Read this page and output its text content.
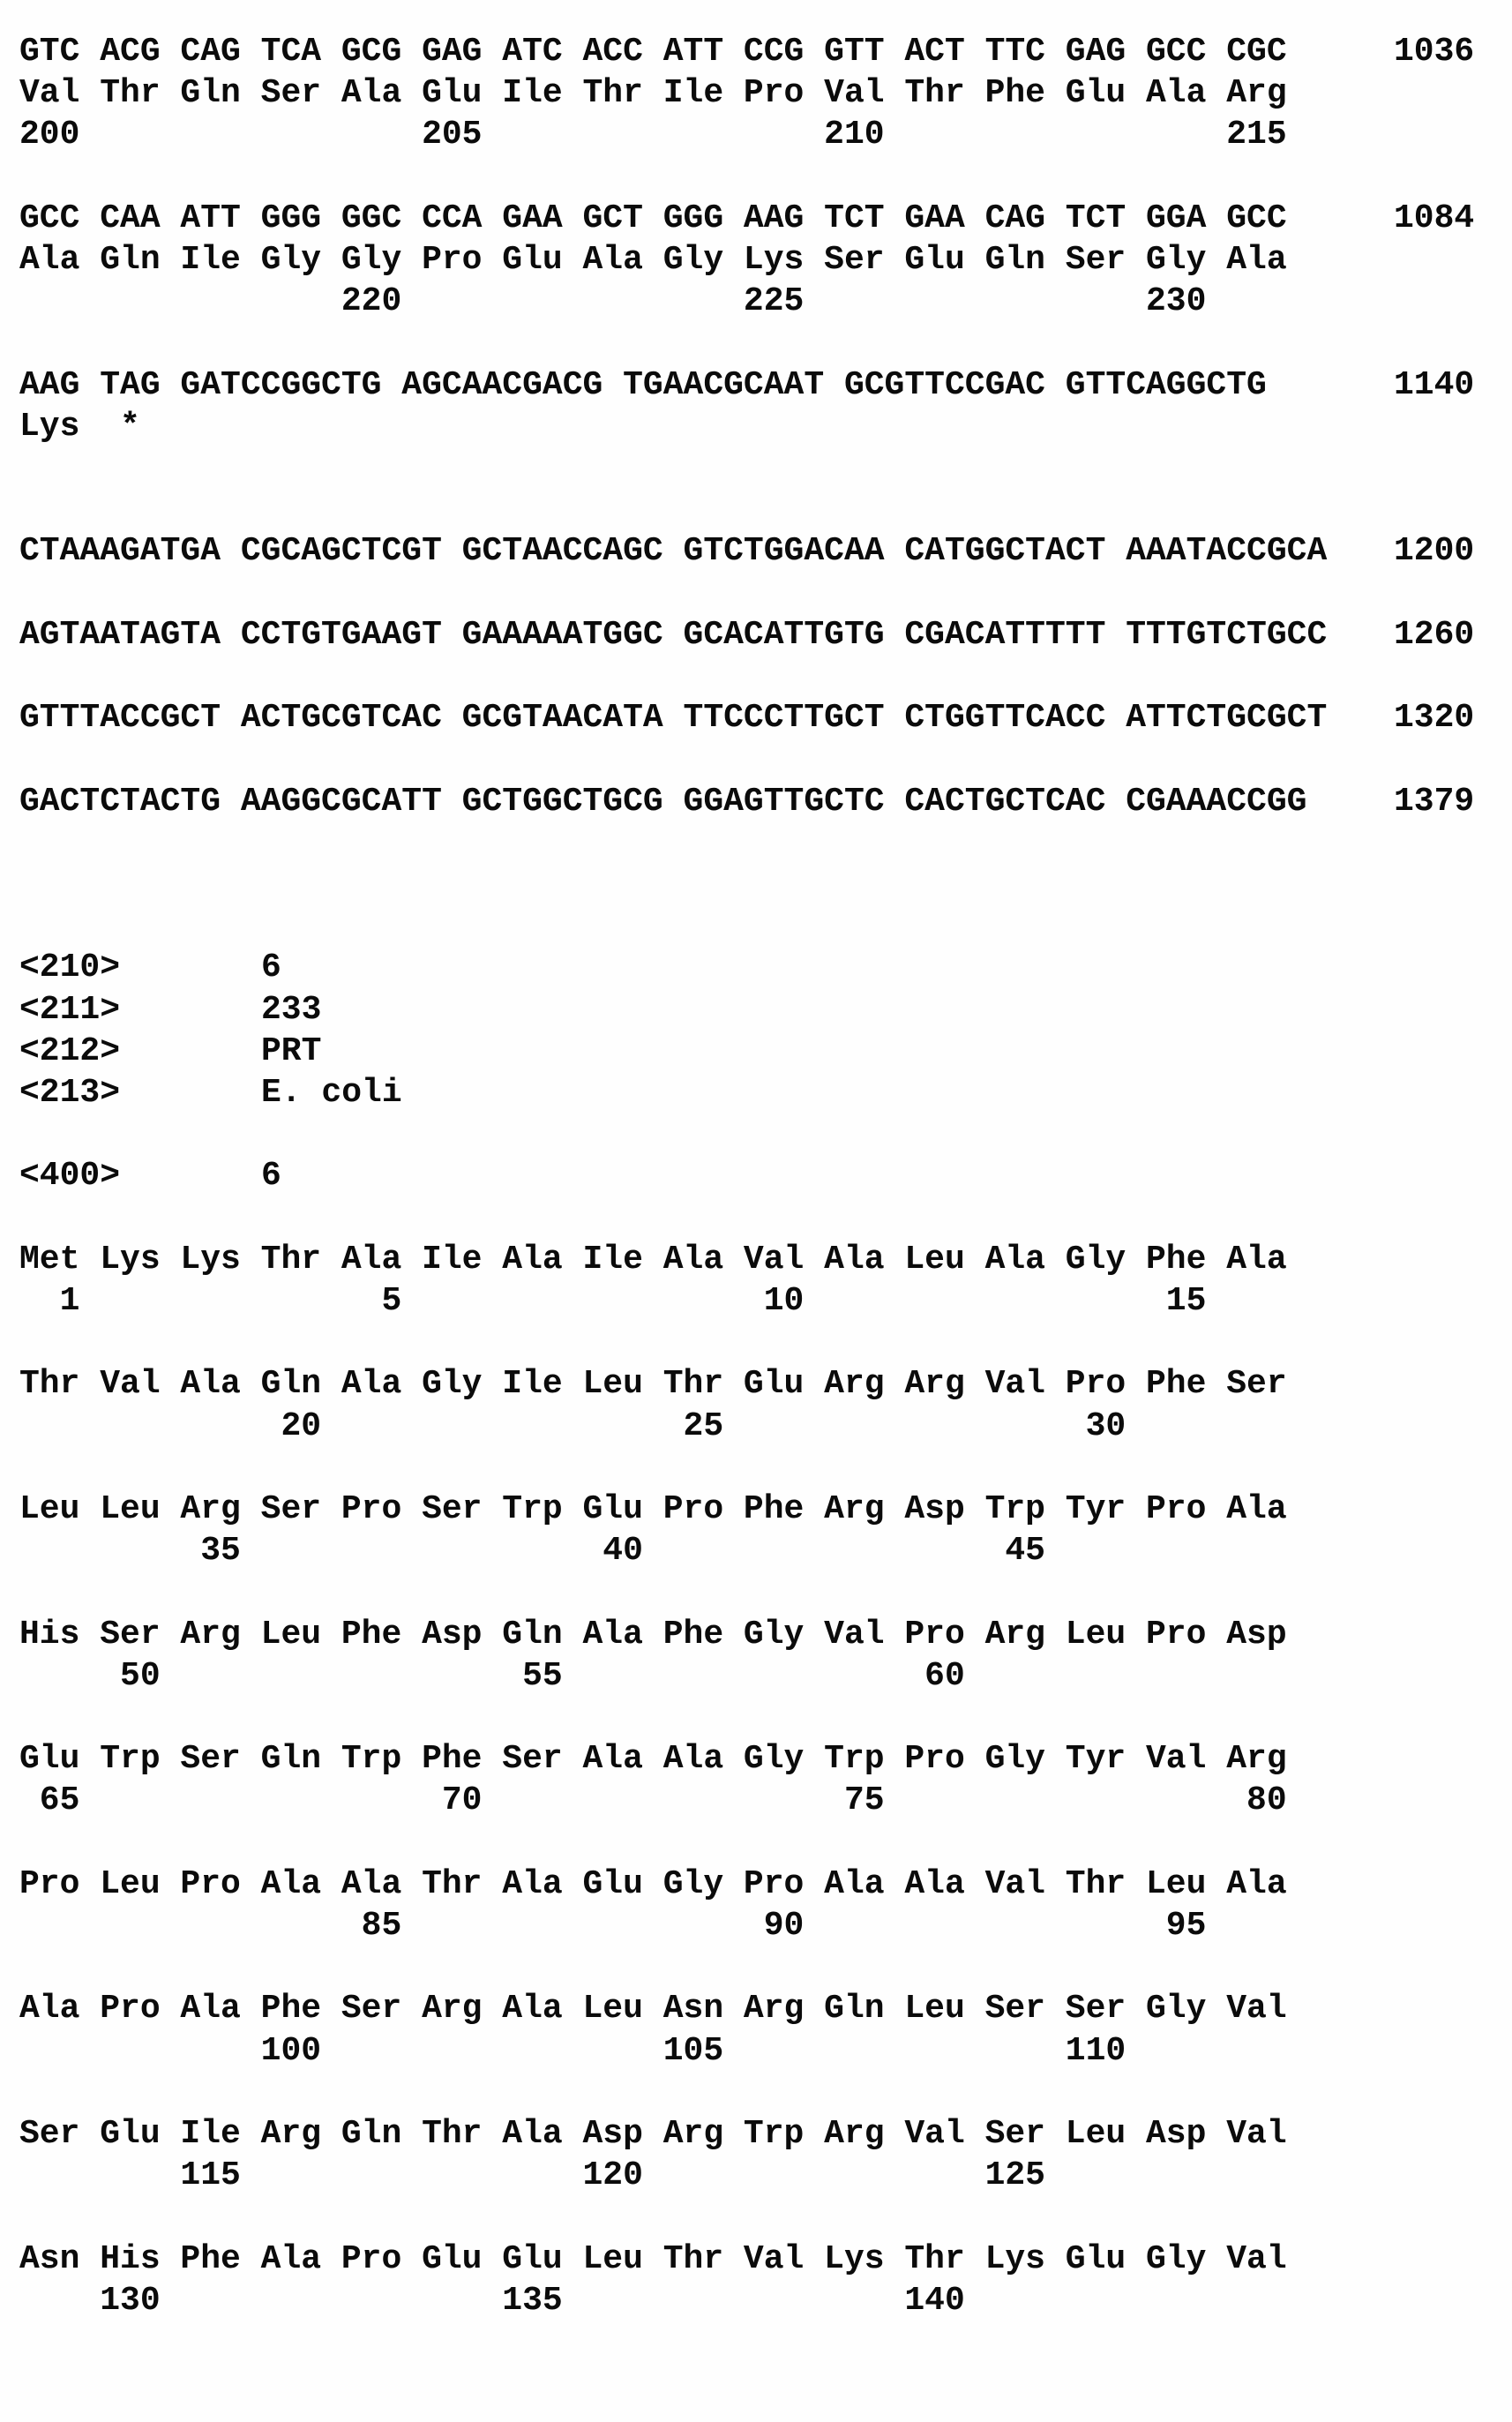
GTC ACG CAG TCA GCG GAG ATC ACC ATT CCG GTT ACT TTC GAG GCC CGC	1036
Val Thr Gln Ser Ala Glu Ile Thr Ile Pro Val Thr Phe Glu Ala Arg
200                 205                 210                 215
GCC CAA ATT GGG GGC CCA GAA GCT GGG AAG TCT GAA CAG TCT GGA GCC	1084
Ala Gln Ile Gly Gly Pro Glu Ala Gly Lys Ser Glu Gln Ser Gly Ala
220                 225                 230
AAG TAG GATCCGGCTG AGCAACGACG TGAACGCAAT GCGTTCCGAC GTTCAGGCTG	1140
Lys  *
CTAAAGATGA CGCAGCTCGT GCTAACCAGC GTCTGGACAA CATGGCTACT AAATACCGCA 1200
AGTAATAGTA CCTGTGAAGT GAAAAATGGC GCACATTGTG CGACATTTTT TTTGTCTGCC 1260
GTTTACCGCT ACTGCGTCAC GCGTAACATA TTCCCTTGCT CTGGTTCACC ATTCTGCGCT 1320
GACTCTACTG AAGGCGCATT GCTGGCTGCG GGAGTTGCTC CACTGCTCAC CGAAACCGG	1379
<210>	6
<211>	233
<212>	PRT
<213>	E. coli
<400>	6
Met Lys Lys Thr Ala Ile Ala Ile Ala Val Ala Leu Ala Gly Phe Ala
1               5                  10                  15
Thr Val Ala Gln Ala Gly Ile Leu Thr Glu Arg Arg Val Pro Phe Ser
20                  25                  30
Leu Leu Arg Ser Pro Ser Trp Glu Pro Phe Arg Asp Trp Tyr Pro Ala
35                  40                  45
His Ser Arg Leu Phe Asp Gln Ala Phe Gly Val Pro Arg Leu Pro Asp
50                  55                  60
Glu Trp Ser Gln Trp Phe Ser Ala Ala Gly Trp Pro Gly Tyr Val Arg
65                  70                  75                  80
Pro Leu Pro Ala Ala Thr Ala Glu Gly Pro Ala Ala Val Thr Leu Ala
85                  90                  95
Ala Pro Ala Phe Ser Arg Ala Leu Asn Arg Gln Leu Ser Ser Gly Val
100                 105                 110
Ser Glu Ile Arg Gln Thr Ala Asp Arg Trp Arg Val Ser Leu Asp Val
115                 120                 125
Asn His Phe Ala Pro Glu Glu Leu Thr Val Lys Thr Lys Glu Gly Val
130                 135                 140
